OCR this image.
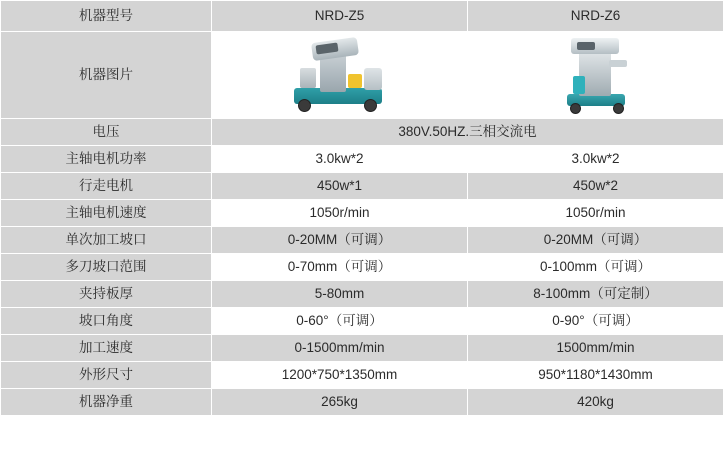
机器型号	NRD-Z5	NRD-Z6
机器图片	

电压	380V.50HZ.三相交流电	
主轴电机功率	3.0kw*2	3.0kw*2
行走电机	450w*1	450w*2
主轴电机速度	1050r/min	1050r/min
单次加工坡口	0-20MM（可调）	0-20MM（可调）
多刀坡口范围	0-70mm（可调）	0-100mm（可调）
夹持板厚	5-80mm	8-100mm（可定制）
坡口角度	0-60°（可调）	0-90°（可调）
加工速度	0-1500mm/min	1500mm/min
外形尺寸	1200*750*1350mm	950*1180*1430mm
机器净重	265kg	420kg
